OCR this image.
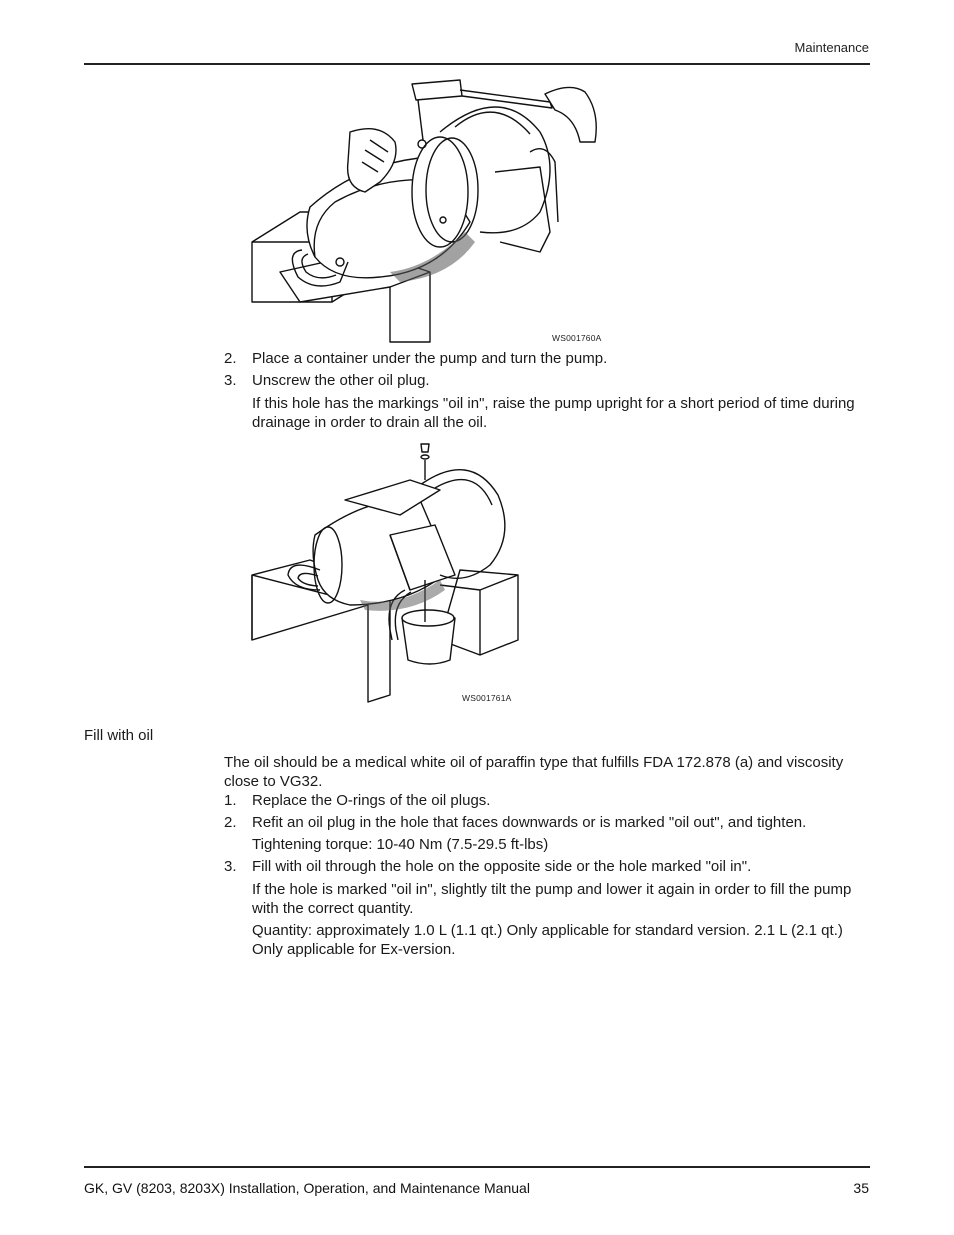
Maintenance
WS001760A
2. Place a container under the pump and turn the pump.
3. Unscrew the other oil plug.
If this hole has the markings "oil in", raise the pump upright for a short period of time during drainage in order to drain all the oil.
WS001761A
Fill with oil
The oil should be a medical white oil of paraffin type that fulfills FDA 172.878 (a) and viscosity close to VG32.
1. Replace the O-rings of the oil plugs.
2. Refit an oil plug in the hole that faces downwards or is marked "oil out", and tighten.
Tightening torque: 10-40 Nm (7.5-29.5 ft-lbs)
3. Fill with oil through the hole on the opposite side or the hole marked "oil in".
If the hole is marked "oil in", slightly tilt the pump and lower it again in order to fill the pump with the correct quantity.
Quantity: approximately 1.0 L (1.1 qt.) Only applicable for standard version. 2.1 L (2.1 qt.) Only applicable for Ex-version.
GK, GV (8203, 8203X) Installation, Operation, and Maintenance Manual	35
